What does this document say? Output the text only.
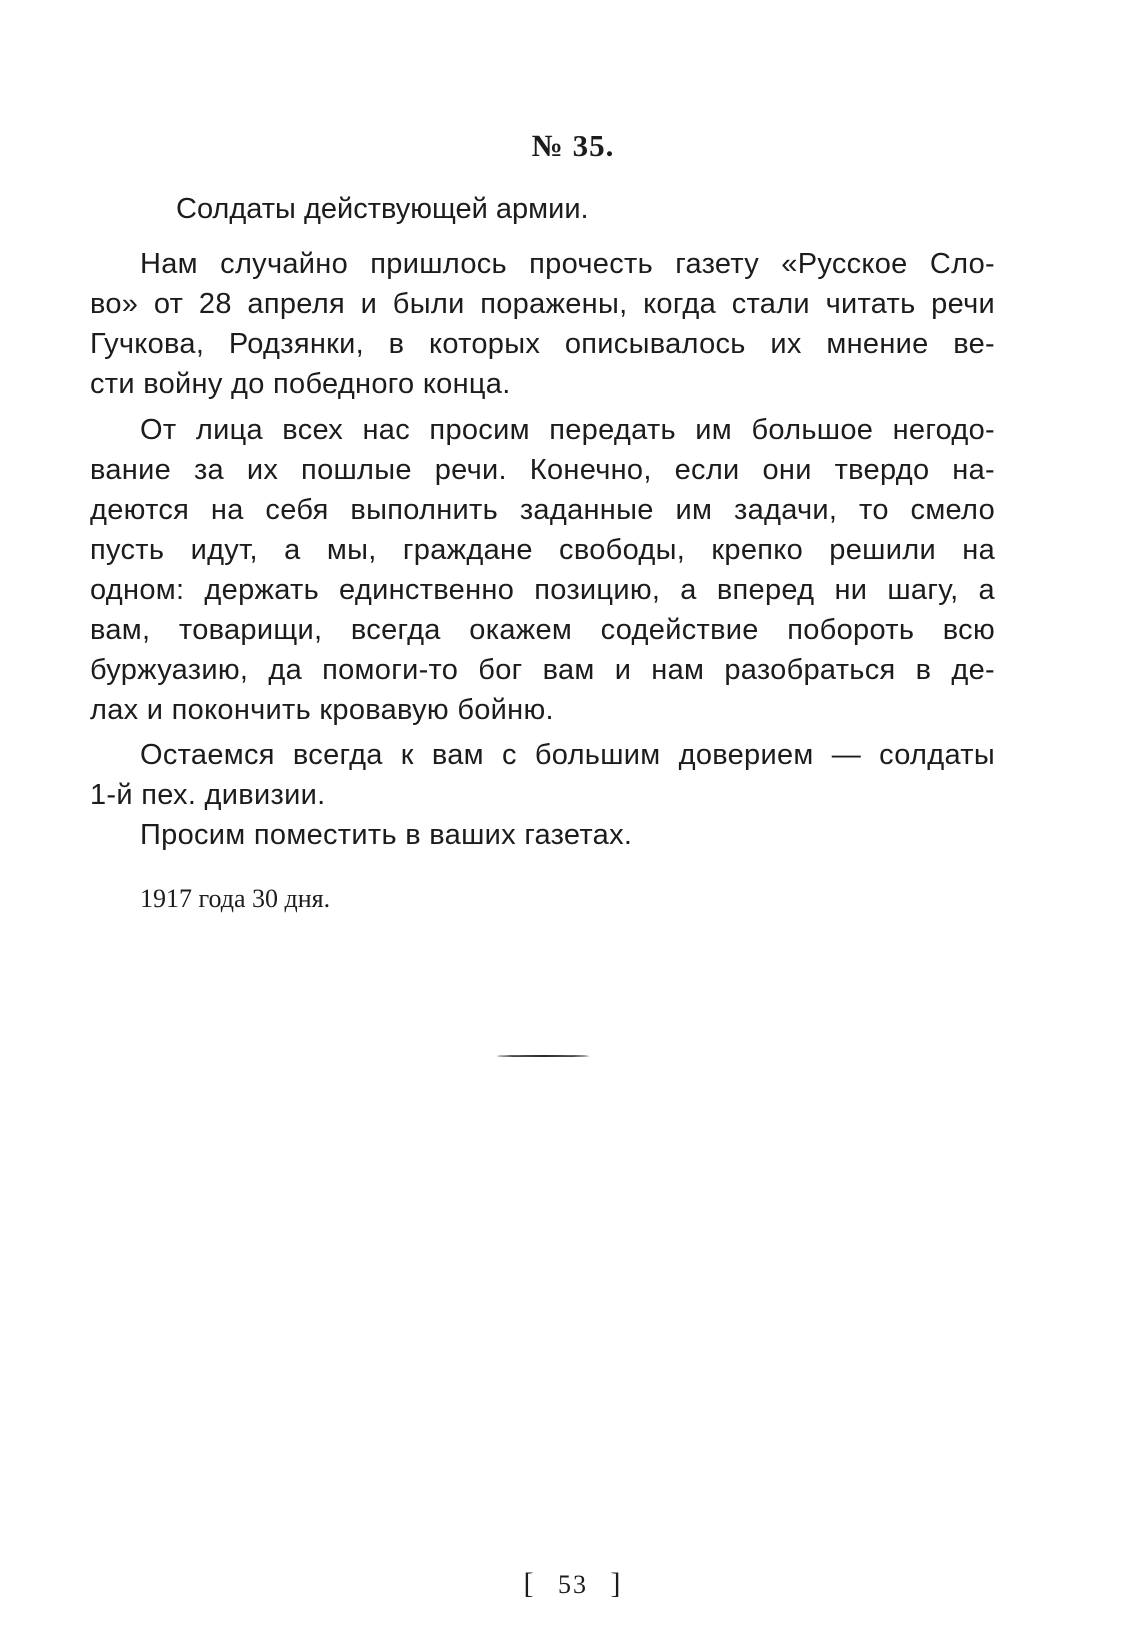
№ 35.
Солдаты действующей армии.
Нам случайно пришлось прочесть газету «Русское Сло-
во» от 28 апреля и были поражены, когда стали читать речи
Гучкова, Родзянки, в которых описывалось их мнение ве-
сти войну до победного конца.
От лица всех нас просим передать им большое негодо-
вание за их пошлые речи. Конечно, если они твердо на-
деются на себя выполнить заданные им задачи, то смело
пусть идут, а мы, граждане свободы, крепко решили на
одном: держать единственно позицию, а вперед ни шагу, а
вам, товарищи, всегда окажем содействие побороть всю
буржуазию, да помоги-то бог вам и нам разобраться в де-
лах и покончить кровавую бойню.
Остаемся всегда к вам с большим доверием — солдаты
1-й пех. дивизии.
Просим поместить в ваших газетах.
1917 года 30 дня.
[ 53 ]
